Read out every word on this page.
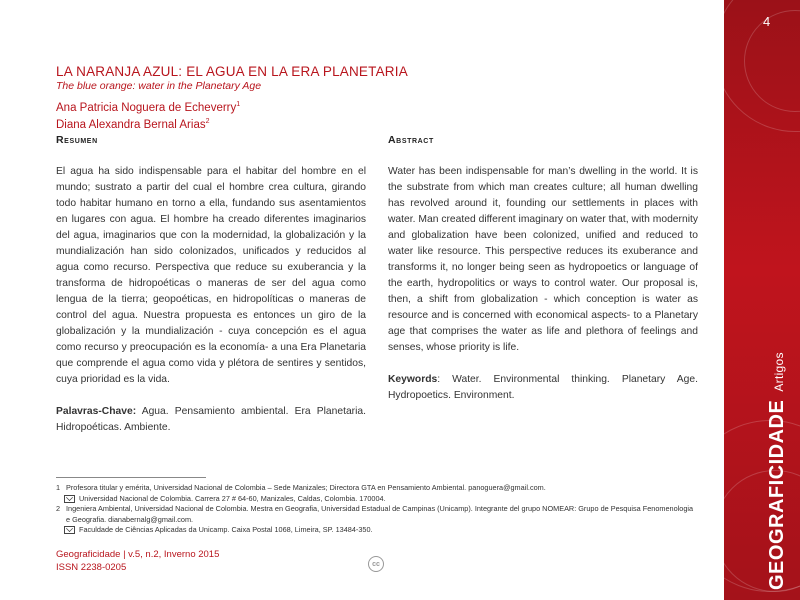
4
GEOGRAFICIDADEArtigos

LA NARANJA AZUL: EL AGUA EN LA ERA PLANETARIA

The blue orange: water in the Planetary Age

Ana Patricia Noguera de Echeverry$^1$
Diana Alexandra Bernal Arias$^2$
Resumen

El agua ha sido indispensable para el habitar del hombre en el mundo; sustrato a partir del cual el hombre crea cultura, girando todo habitar humano en torno a ella, fundando sus asentamientos en lugares con agua. El hombre ha creado diferentes imaginarios del agua, imaginarios que con la modernidad, la globalización y la mundialización han sido colonizados, unificados y reducidos al agua como recurso. Perspectiva que reduce su exuberancia y la transforma de hidropoéticas o maneras de ser del agua como lengua de la tierra; geopoéticas, en hidropolíticas o maneras de control del agua. Nuestra propuesta es entonces un giro de la globalización y la mundialización - cuya concepción es el agua como recurso y preocupación es la economía- a una Era Planetaria que comprende el agua como vida y plétora de sentires y sentidos, cuya prioridad es la vida.

Palavras-Chave: Agua. Pensamiento ambiental. Era Planetaria. Hidropoéticas. Ambiente.

Abstract

Water has been indispensable for man’s dwelling in the world. It is the substrate from which man creates culture; all human dwelling has revolved around it, founding our settlements in places with water. Man created different imaginary on water that, with modernity and globalization have been colonized, unified and reduced to water like resource. This perspective reduces its exuberance and transforms it, no longer being seen as hydropoetics or language of the earth, hydropolitics or ways to control water. Our proposal is, then, a shift from globalization - which conception is water as resource and is concerned with economical aspects- to a Planetary age that comprises the water as life and plethora of feelings and senses, whose priority is life.

Keywords: Water. Environmental thinking. Planetary Age. Hydropoetics. Environment.

1 Profesora titular y emérita, Universidad Nacional de Colombia – Sede Manizales; Directora GTA en Pensamiento Ambiental. panoguera@gmail.com.
Universidad Nacional de Colombia. Carrera 27 # 64-60, Manizales, Caldas, Colombia. 170004.
2 Ingeniera Ambiental, Universidad Nacional de Colombia. Mestra en Geografia, Universidad Estadual de Campinas (Unicamp). Integrante del grupo NOMEAR: Grupo de Pesquisa Fenomenologia e Geografia. dianabernalg@gmail.com.
Faculdade de Ciências Aplicadas da Unicamp. Caixa Postal 1068, Limeira, SP. 13484-350.
Geograficidade | v.5, n.2, Inverno 2015
ISSN 2238-0205	cc
